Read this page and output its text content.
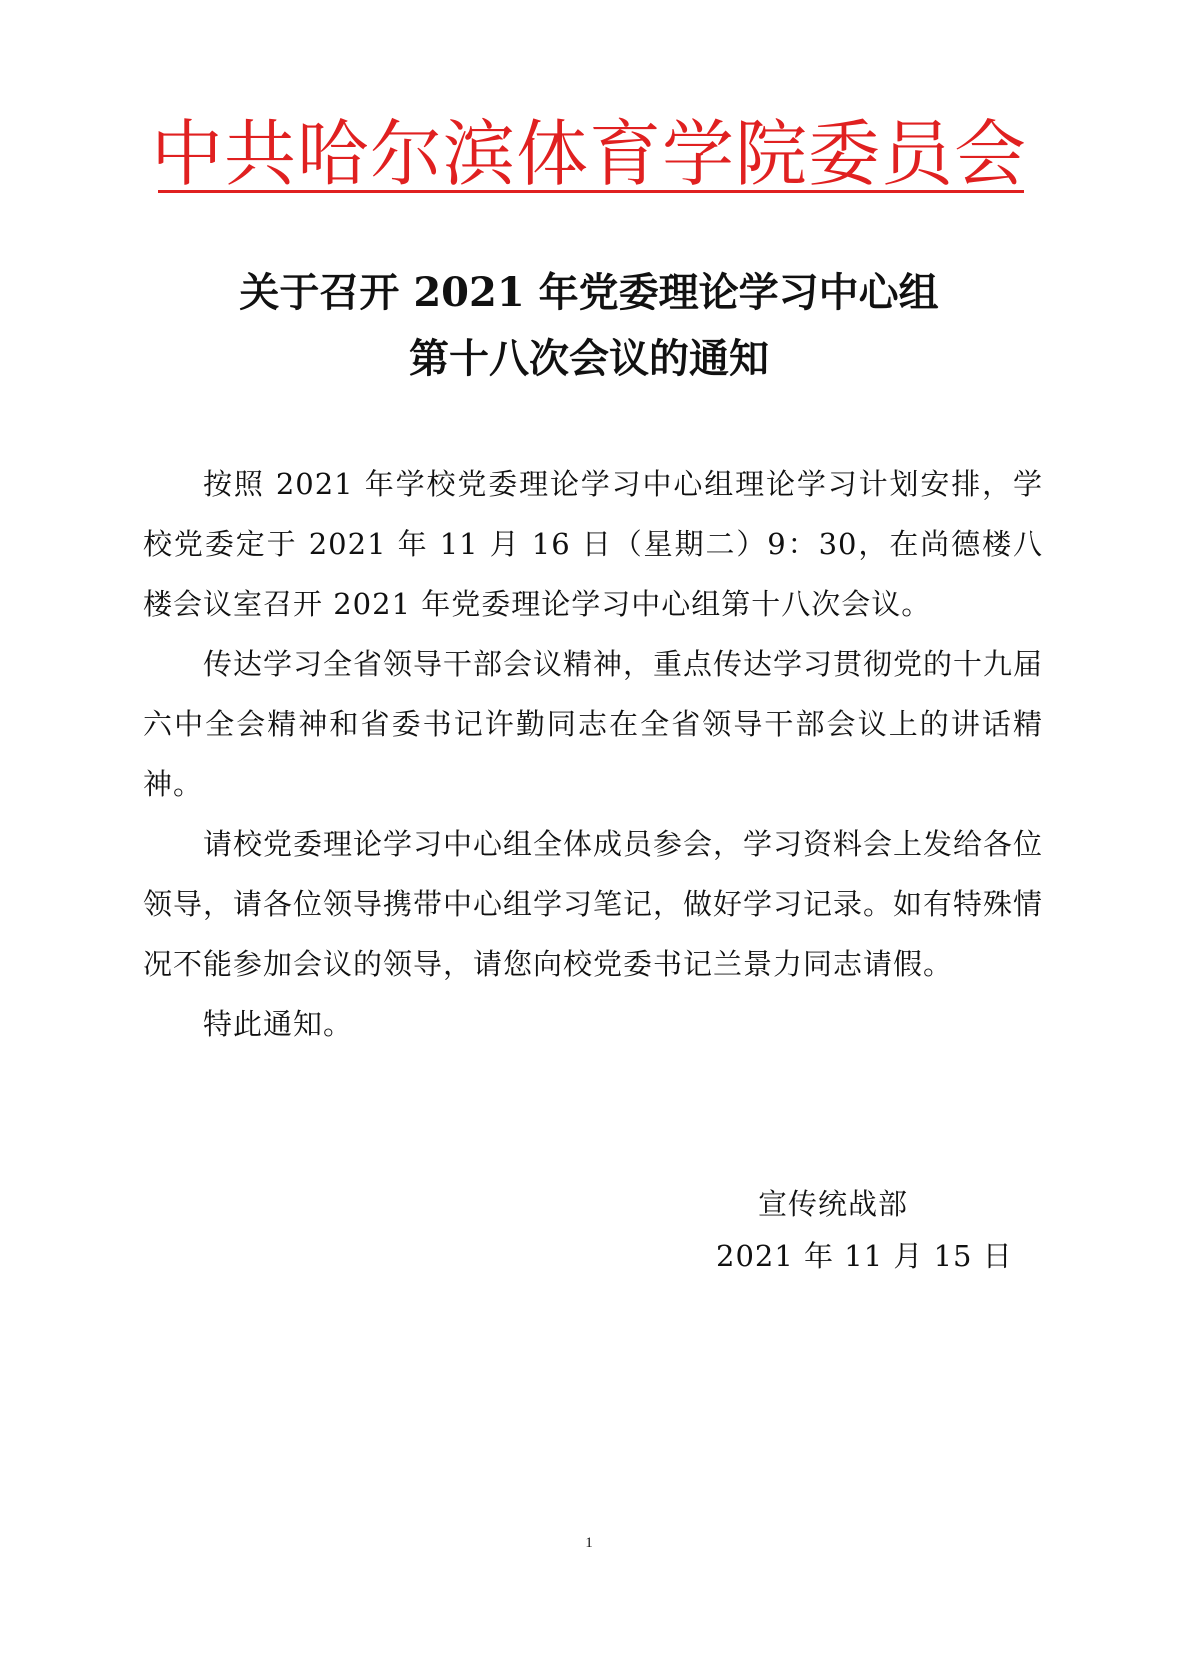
中共哈尔滨体育学院委员会
关于召开 2021 年党委理论学习中心组
第十八次会议的通知

按照 2021 年学校党委理论学习中心组理论学习计划安排，学校党委定于 2021 年 11 月 16 日（星期二）9：30，在尚德楼八楼会议室召开 2021 年党委理论学习中心组第十八次会议。

传达学习全省领导干部会议精神，重点传达学习贯彻党的十九届六中全会精神和省委书记许勤同志在全省领导干部会议上的讲话精神。

请校党委理论学习中心组全体成员参会，学习资料会上发给各位领导，请各位领导携带中心组学习笔记，做好学习记录。如有特殊情况不能参加会议的领导，请您向校党委书记兰景力同志请假。

特此通知。

宣传统战部
2021 年 11 月 15 日
1
